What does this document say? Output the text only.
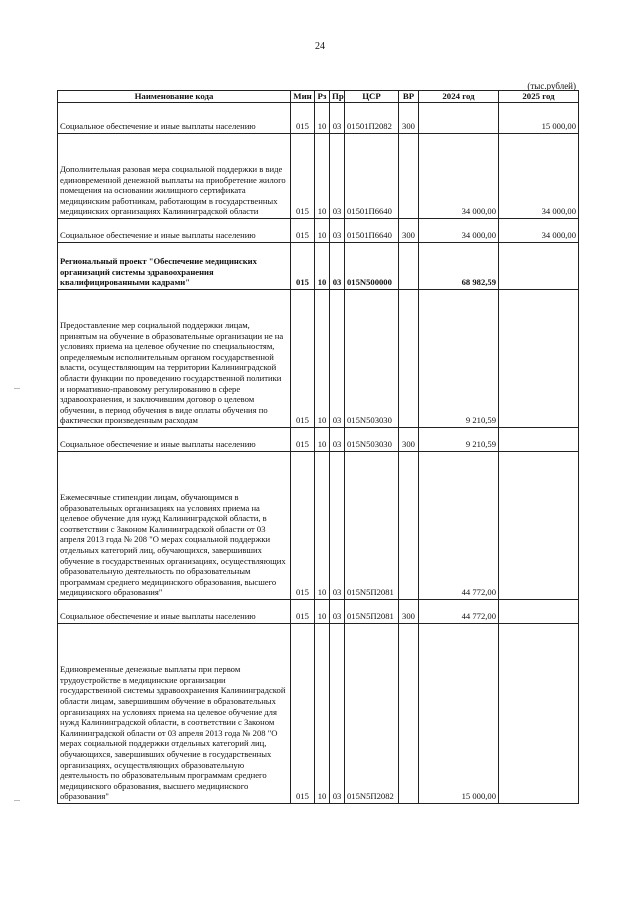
24
(тыс.рублей)
Наименование кода	Мин	Рз	Пр	ЦСР	ВР	2024 год	2025 год
Социальное обеспечение и иные выплаты населению	015	10	03	01501П2082	300		15 000,00
Дополнительная разовая мера социальной поддержки в виде единовременной денежной выплаты на приобретение жилого помещения на основании жилищного сертификата медицинским работникам, работающим в государственных медицинских организациях Калининградской области	015	10	03	01501П6640		34 000,00	34 000,00
Социальное обеспечение и иные выплаты населению	015	10	03	01501П6640	300	34 000,00	34 000,00
Региональный проект "Обеспечение медицинских организаций системы здравоохранения квалифицированными кадрами"	015	10	03	015N500000		68 982,59	
Предоставление мер социальной поддержки лицам, принятым на обучение в образовательные организации не на условиях приема на целевое обучение по специальностям, определяемым исполнительным органом государственной власти, осуществляющим на территории Калининградской области функции по проведению государственной политики и нормативно-правовому регулированию в сфере здравоохранения, и заключившим договор о целевом обучении, в период обучения в виде оплаты обучения по фактически произведенным расходам	015	10	03	015N503030		9 210,59	
Социальное обеспечение и иные выплаты населению	015	10	03	015N503030	300	9 210,59	
Ежемесячные стипендии лицам, обучающимся в образовательных организациях на условиях приема на целевое обучение для нужд Калининградской области, в соответствии с Законом Калининградской области от 03 апреля 2013 года № 208 "О мерах социальной поддержки отдельных категорий лиц, обучающихся, завершивших обучение в государственных организациях, осуществляющих образовательную деятельность по образовательным программам среднего медицинского образования, высшего медицинского образования"	015	10	03	015N5П2081		44 772,00	
Социальное обеспечение и иные выплаты населению	015	10	03	015N5П2081	300	44 772,00	
Единовременные денежные выплаты при первом трудоустройстве в медицинские организации государственной системы здравоохранения Калининградской области лицам, завершившим обучение в образовательных организациях на условиях приема на целевое обучение для нужд Калининградской области, в соответствии с Законом Калининградской области от 03 апреля 2013 года № 208 "О мерах социальной поддержки отдельных категорий лиц, обучающихся, завершивших обучение в государственных организациях, осуществляющих образовательную деятельность по образовательным программам среднего медицинского образования, высшего медицинского образования"	015	10	03	015N5П2082		15 000,00	
